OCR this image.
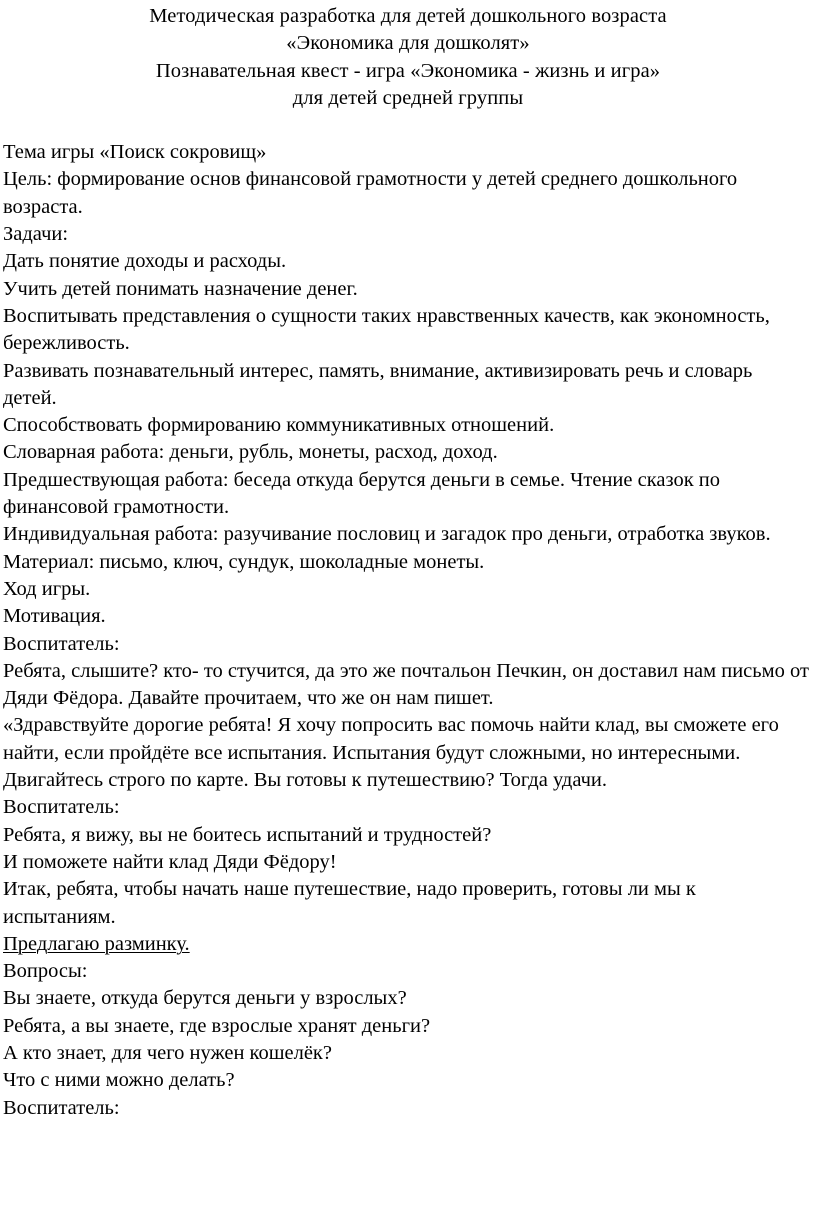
Методическая разработка для детей дошкольного возраста
«Экономика для дошколят»
Познавательная квест - игра «Экономика - жизнь и игра»
для детей средней группы

Тема игры «Поиск сокровищ»

Цель: формирование основ финансовой грамотности у детей среднего дошкольного возраста.

Задачи:

Дать понятие доходы и расходы.

Учить детей понимать назначение денег.

Воспитывать представления о сущности таких нравственных качеств, как экономность, бережливость.

Развивать познавательный интерес, память, внимание, активизировать речь и словарь детей.

Способствовать формированию коммуникативных отношений.

Словарная работа: деньги, рубль, монеты, расход, доход.

Предшествующая работа: беседа откуда берутся деньги в семье. Чтение сказок по финансовой грамотности.

Индивидуальная работа: разучивание пословиц и загадок про деньги, отработка звуков.

Материал: письмо, ключ, сундук, шоколадные монеты.

Ход игры.

Мотивация.

Воспитатель:

Ребята, слышите? кто- то стучится, да это же почтальон Печкин, он доставил нам письмо от Дяди Фёдора. Давайте прочитаем, что же он нам пишет.

«Здравствуйте дорогие ребята! Я хочу попросить вас помочь найти клад, вы сможете его найти, если пройдёте все испытания. Испытания будут сложными, но интересными. Двигайтесь строго по карте. Вы готовы к путешествию? Тогда удачи.

Воспитатель:

Ребята, я вижу, вы не боитесь испытаний и трудностей?

И поможете найти клад Дяди Фёдору!

Итак, ребята, чтобы начать наше путешествие, надо проверить, готовы ли мы к испытаниям.

Предлагаю разминку.

Вопросы:

Вы знаете, откуда берутся деньги у взрослых?

Ребята, а вы знаете, где взрослые хранят деньги?

А кто знает, для чего нужен кошелёк?

Что с ними можно делать?

Воспитатель:
